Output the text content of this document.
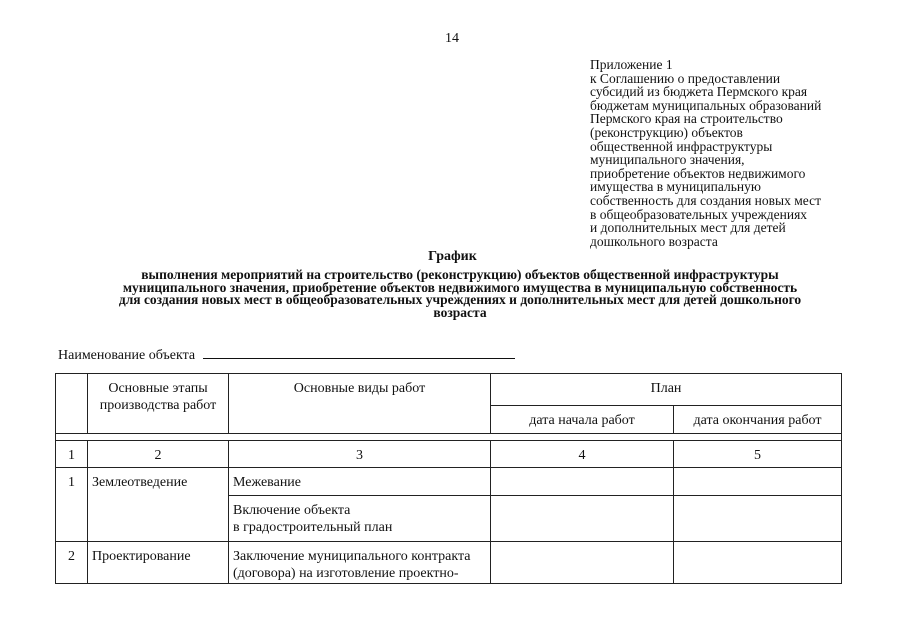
14
Приложение 1
к Соглашению о предоставлении
субсидий из бюджета Пермского края
бюджетам муниципальных образований
Пермского края на строительство
(реконструкцию) объектов
общественной инфраструктуры
муниципального значения,
приобретение объектов недвижимого
имущества в муниципальную
собственность для создания новых мест
в общеобразовательных учреждениях
и дополнительных мест для детей
дошкольного возраста
График
выполнения мероприятий на строительство (реконструкцию) объектов общественной инфраструктуры
муниципального значения, приобретение объектов недвижимого имущества в муниципальную собственность
для создания новых мест в общеобразовательных учреждениях и дополнительных мест для детей дошкольного
возраста
Наименование объекта
	Основные этапы производства работ	Основные виды работ	План	
			дата начала работ	дата окончания работ

1	2	3	4	5
1	Землеотведение	Межевание		
		Включение объекта
в градостроительный план		
2	Проектирование	Заключение муниципального контракта (договора) на изготовление проектно-		
